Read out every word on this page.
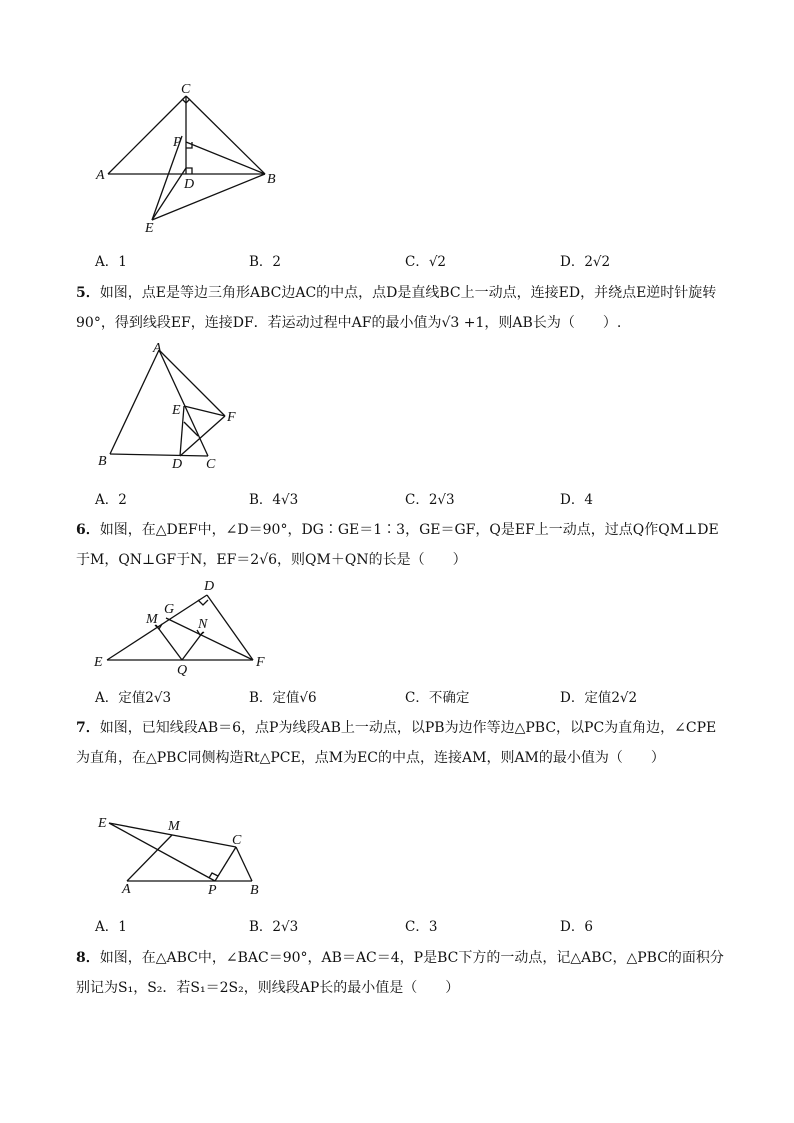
C
A	B
P
D
E
A．1	B．2	C．√2	D．2√2

5．如图，点E是等边三角形ABC边AC的中点，点D是直线BC上一动点，连接ED，并绕点E逆时针旋转90°，得到线段EF，连接DF．若运动过程中AF的最小值为√3 +1，则AB长为（　　）.

A
E	F
B	D C
A．2	B．4√3	C．2√3	D．4

6．如图，在△DEF中，∠D＝90°，DG∶GE＝1∶3，GE＝GF，Q是EF上一动点，过点Q作QM⊥DE于M，QN⊥GF于N，EF＝2√6，则QM＋QN的长是（　　）

D
G
M	N
E
Q
F
A．定值2√3	B．定值√6	C．不确定	D．定值2√2

7．如图，已知线段AB＝6，点P为线段AB上一动点，以PB为边作等边△PBC，以PC为直角边，∠CPE为直角，在△PBC同侧构造Rt△PCE，点M为EC的中点，连接AM，则AM的最小值为（　　）

E	M
C
A	P B
A．1	B．2√3	C．3	D．6

8．如图，在△ABC中，∠BAC＝90°，AB＝AC＝4，P是BC下方的一动点，记△ABC，△PBC的面积分别记为S₁，S₂．若S₁＝2S₂，则线段AP长的最小值是（　　）
